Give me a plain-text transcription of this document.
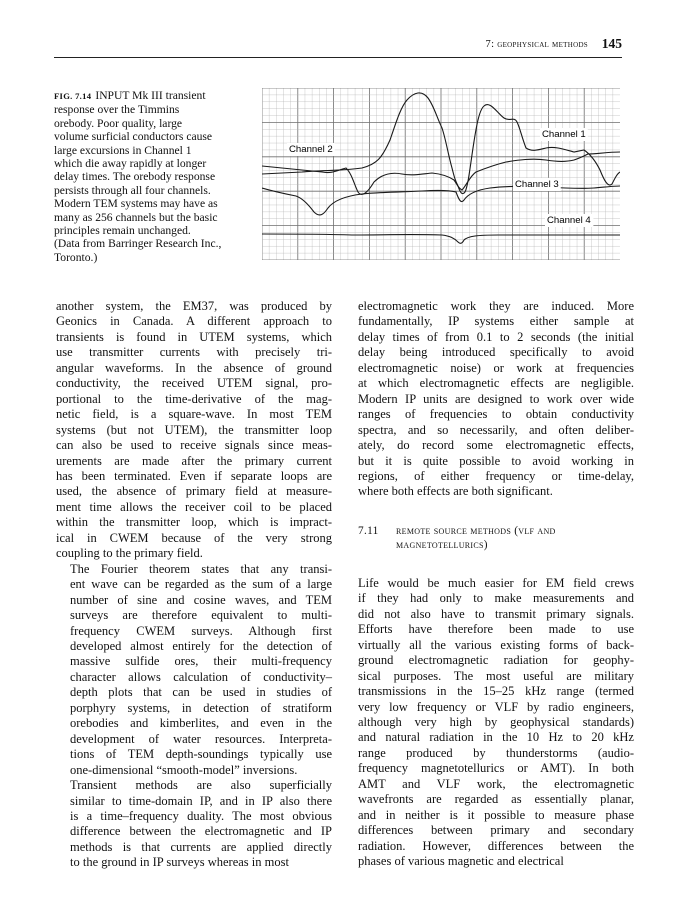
7: geophysical methods 145

FIG. 7.14 INPUT Mk III transient

response over the Timmins

orebody. Poor quality, large

volume surficial conductors cause

large excursions in Channel 1

which die away rapidly at longer

delay times. The orebody response

persists through all four channels.

Modern TEM systems may have as

many as 256 channels but the basic

principles remain unchanged.

(Data from Barringer Research Inc.,

Toronto.)

Channel 1
Channel 2
Channel 3
Channel 4

another system, the EM37, was produced by
Geonics in Canada. A different approach to
transients is found in UTEM systems, which
use transmitter currents with precisely tri-
angular waveforms. In the absence of ground
conductivity, the received UTEM signal, pro-
portional to the time-derivative of the mag-
netic field, is a square-wave. In most TEM
systems (but not UTEM), the transmitter loop
can also be used to receive signals since meas-
urements are made after the primary current
has been terminated. Even if separate loops are
used, the absence of primary field at measure-
ment time allows the receiver coil to be placed
within the transmitter loop, which is impract-
ical in CWEM because of the very strong
coupling to the primary field.

The Fourier theorem states that any transi-
ent wave can be regarded as the sum of a large
number of sine and cosine waves, and TEM
surveys are therefore equivalent to multi-
frequency CWEM surveys. Although first
developed almost entirely for the detection of
massive sulfide ores, their multi-frequency
character allows calculation of conductivity–
depth plots that can be used in studies of
porphyry systems, in detection of stratiform
orebodies and kimberlites, and even in the
development of water resources. Interpreta-
tions of TEM depth-soundings typically use
one-dimensional “smooth-model” inversions.

Transient methods are also superficially
similar to time-domain IP, and in IP also there
is a time–frequency duality. The most obvious
difference between the electromagnetic and IP
methods is that currents are applied directly
to the ground in IP surveys whereas in most

electromagnetic work they are induced. More
fundamentally, IP systems either sample at
delay times of from 0.1 to 2 seconds (the initial
delay being introduced specifically to avoid
electromagnetic noise) or work at frequencies
at which electromagnetic effects are negligible.
Modern IP units are designed to work over wide
ranges of frequencies to obtain conductivity
spectra, and so necessarily, and often deliber-
ately, do record some electromagnetic effects,
but it is quite possible to avoid working in
regions, of either frequency or time-delay,
where both effects are both significant.

7.11 remote source methods (vlf and
magnetotellurics)

Life would be much easier for EM field crews
if they had only to make measurements and
did not also have to transmit primary signals.
Efforts have therefore been made to use
virtually all the various existing forms of back-
ground electromagnetic radiation for geophy-
sical purposes. The most useful are military
transmissions in the 15–25 kHz range (termed
very low frequency or VLF by radio engineers,
although very high by geophysical standards)
and natural radiation in the 10 Hz to 20 kHz
range produced by thunderstorms (audio-
frequency magnetotellurics or AMT). In both
AMT and VLF work, the electromagnetic
wavefronts are regarded as essentially planar,
and in neither is it possible to measure phase
differences between primary and secondary
radiation. However, differences between the
phases of various magnetic and electrical
